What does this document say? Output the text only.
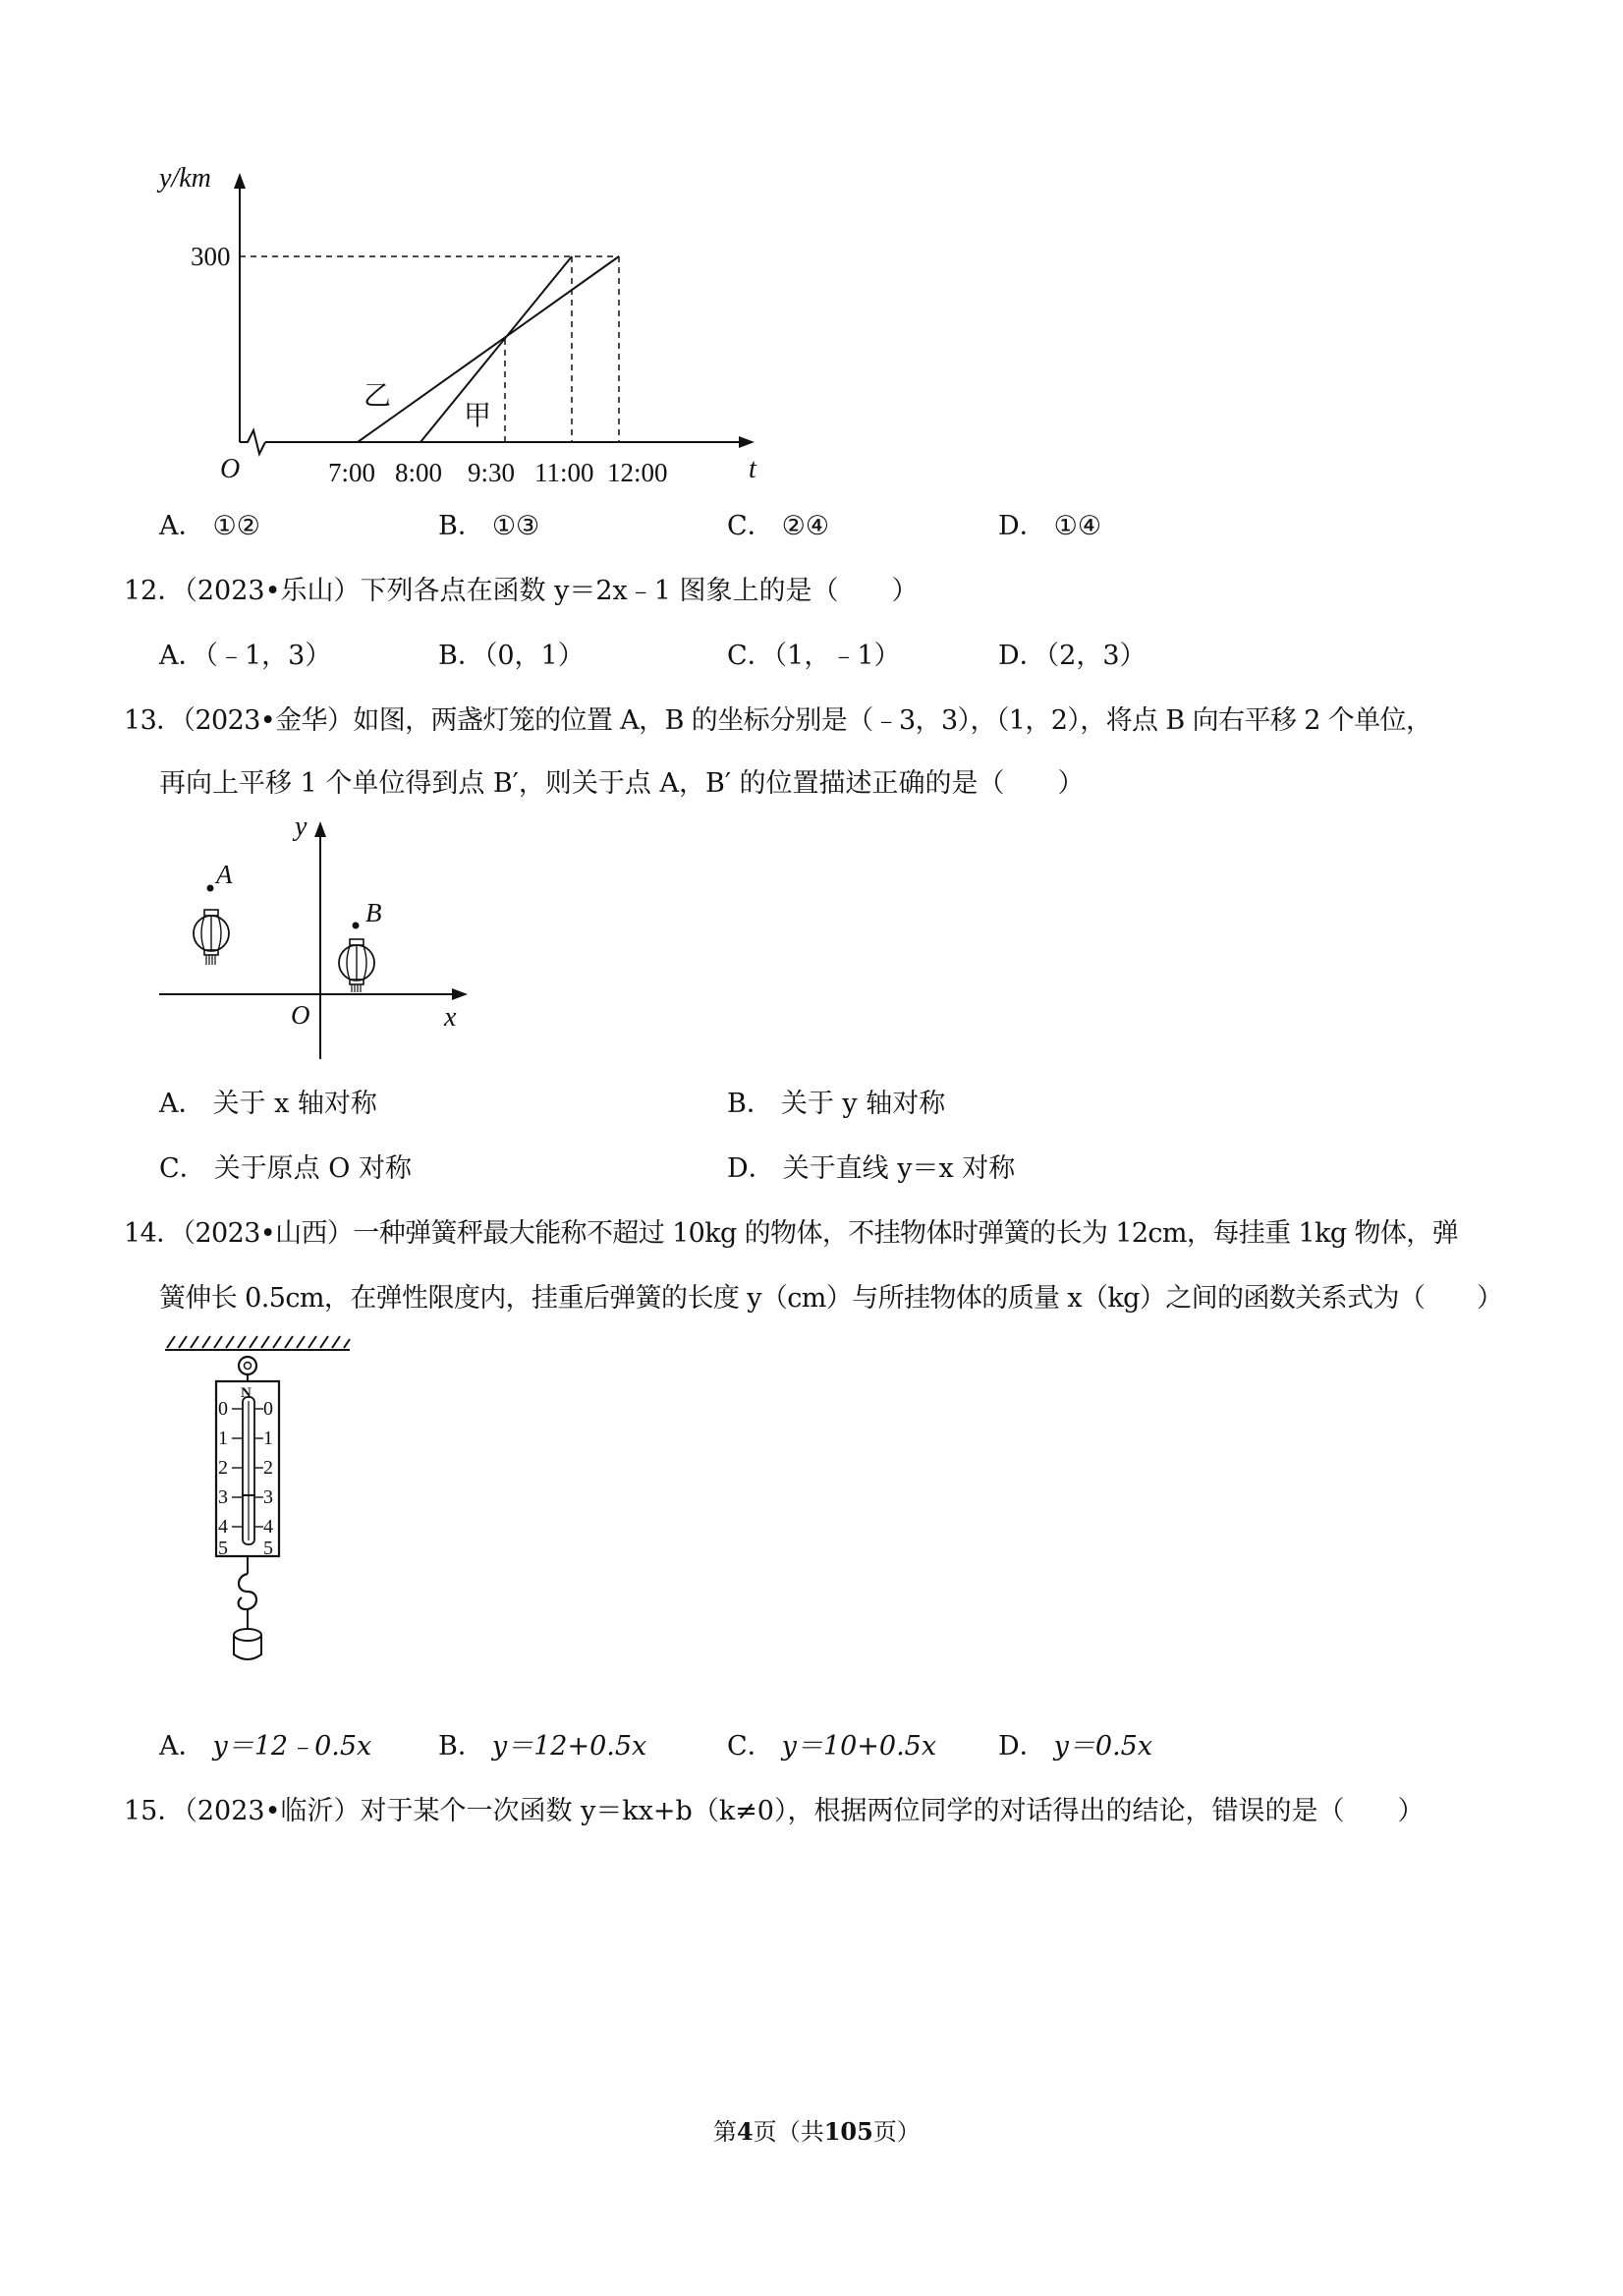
y/km
t
O
300
7:00 8:00 9:30 11:00 12:00
乙
甲
A． ①②	B． ①③	C． ②④	D． ①④
12．（2023•乐山）下列各点在函数 y＝2x﹣1 图象上的是（　　）
A．（﹣1，3）	B．（0，1）	C．（1，﹣1）	D．（2，3）
13．（2023•金华）如图，两盏灯笼的位置 A，B 的坐标分别是（﹣3，3），（1，2），将点 B 向右平移 2 个单位，
再向上平移 1 个单位得到点 B′，则关于点 A，B′ 的位置描述正确的是（　　）
y
x
O
A
B
A． 关于 x 轴对称	B． 关于 y 轴对称
C． 关于原点 O 对称	D． 关于直线 y＝x 对称
14．（2023•山西）一种弹簧秤最大能称不超过 10kg 的物体，不挂物体时弹簧的长为 12cm，每挂重 1kg 物体，弹
簧伸长 0.5cm，在弹性限度内，挂重后弹簧的长度 y（cm）与所挂物体的质量 x（kg）之间的函数关系式为（　　）
N
0
1
2
3
4
5
0
1
2
3
4
5
A． y＝12﹣0.5x	B． y＝12+0.5x	C． y＝10+0.5x D． y＝0.5x
15．（2023•临沂）对于某个一次函数 y＝kx+b（k≠0），根据两位同学的对话得出的结论，错误的是（　　）
第4页（共105页）
